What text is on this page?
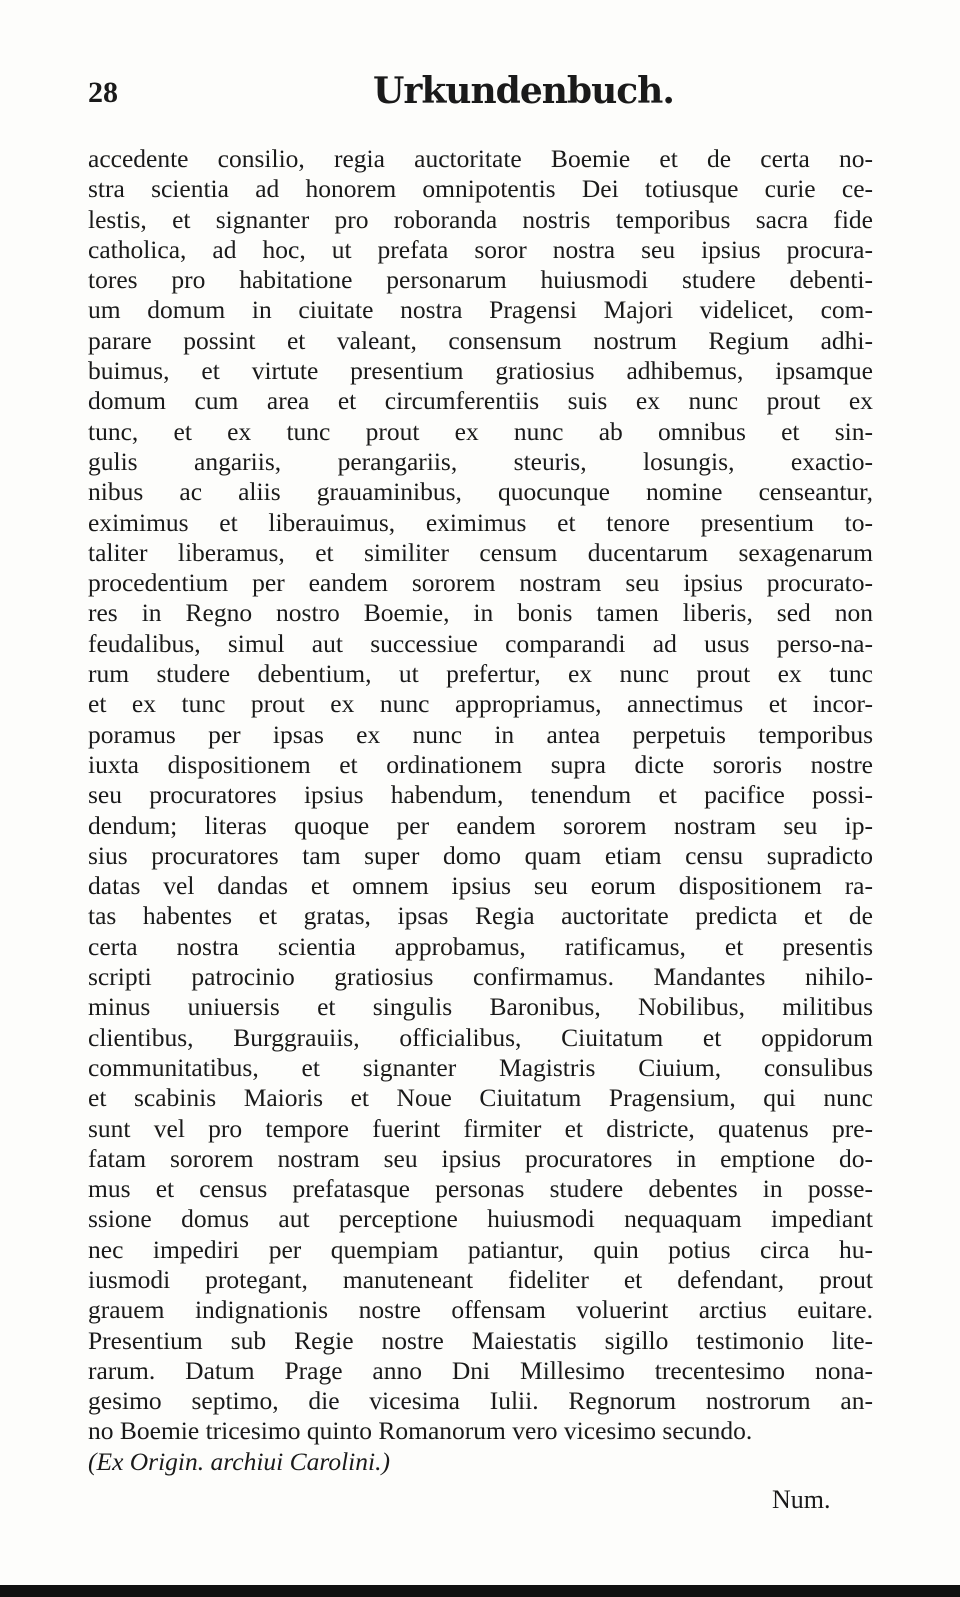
28	Urkundenbuch.
accedente consilio, regia auctoritate Boemie et de certa no-
stra scientia ad honorem omnipotentis Dei totiusque curie ce-
lestis, et signanter pro roboranda nostris temporibus sacra fide
catholica, ad hoc, ut prefata soror nostra seu ipsius procura-
tores pro habitatione personarum huiusmodi studere debenti-
um domum in ciuitate nostra Pragensi Majori videlicet, com-
parare possint et valeant, consensum nostrum Regium adhi-
buimus, et virtute presentium gratiosius adhibemus, ipsamque
domum cum area et circumferentiis suis ex nunc prout ex
tunc, et ex tunc prout ex nunc ab omnibus et sin-
gulis angariis, perangariis, steuris, losungis, exactio-
nibus ac aliis grauaminibus, quocunque nomine censeantur,
eximimus et liberauimus, eximimus et tenore presentium to-
taliter liberamus, et similiter censum ducentarum sexagenarum
procedentium per eandem sororem nostram seu ipsius procurato-
res in Regno nostro Boemie, in bonis tamen liberis, sed non
feudalibus, simul aut successiue comparandi ad usus perso-na-
rum studere debentium, ut prefertur, ex nunc prout ex tunc
et ex tunc prout ex nunc appropriamus, annectimus et incor-
poramus per ipsas ex nunc in antea perpetuis temporibus
iuxta dispositionem et ordinationem supra dicte sororis nostre
seu procuratores ipsius habendum, tenendum et pacifice possi-
dendum; literas quoque per eandem sororem nostram seu ip-
sius procuratores tam super domo quam etiam censu supradicto
datas vel dandas et omnem ipsius seu eorum dispositionem ra-
tas habentes et gratas, ipsas Regia auctoritate predicta et de
certa nostra scientia approbamus, ratificamus, et presentis
scripti patrocinio gratiosius confirmamus. Mandantes nihilo-
minus uniuersis et singulis Baronibus, Nobilibus, militibus
clientibus, Burggrauiis, officialibus, Ciuitatum et oppidorum
communitatibus, et signanter Magistris Ciuium, consulibus
et scabinis Maioris et Noue Ciuitatum Pragensium, qui nunc
sunt vel pro tempore fuerint firmiter et districte, quatenus pre-
fatam sororem nostram seu ipsius procuratores in emptione do-
mus et census prefatasque personas studere debentes in posse-
ssione domus aut perceptione huiusmodi nequaquam impediant
nec impediri per quempiam patiantur, quin potius circa hu-
iusmodi protegant, manuteneant fideliter et defendant, prout
grauem indignationis nostre offensam voluerint arctius euitare.
Presentium sub Regie nostre Maiestatis sigillo testimonio lite-
rarum. Datum Prage anno Dni Millesimo trecentesimo nona-
gesimo septimo, die vicesima Iulii. Regnorum nostrorum an-
no Boemie tricesimo quinto Romanorum vero vicesimo secundo.
(Ex Origin. archiui Carolini.)
Num.
